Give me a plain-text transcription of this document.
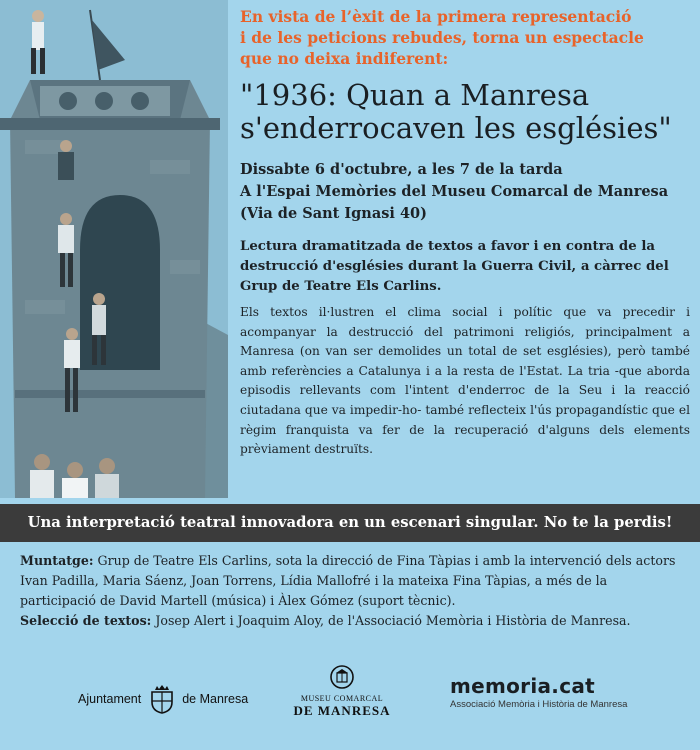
En vista de l’èxit de la primera representació
i de les peticions rebudes, torna un espectacle
que no deixa indiferent:

"1936: Quan a Manresa
s'enderrocaven les esglésies"

Dissabte 6 d'octubre, a les 7 de la tarda
A l'Espai Memòries del Museu Comarcal de Manresa
(Via de Sant Ignasi 40)

Lectura dramatitzada de textos a favor i en contra de la destrucció d'esglésies durant la Guerra Civil, a càrrec del Grup de Teatre Els Carlins.

Els textos il·lustren el clima social i polític que va precedir i acompanyar la destrucció del patrimoni religiós, principalment a Manresa (on van ser demolides un total de set esglésies), però també amb referències a Catalunya i a la resta de l'Estat. La tria -que aborda episodis rellevants com l'intent d'enderroc de la Seu i la reacció ciutadana que va impedir-ho- també reflecteix l'ús propagandístic que el règim franquista va fer de la recuperació d'alguns dels elements prèviament destruïts.

Una interpretació teatral innovadora en un escenari singular. No te la perdis!

Muntatge: Grup de Teatre Els Carlins, sota la direcció de Fina Tàpias i amb la intervenció dels actors Ivan Padilla, Maria Sáenz, Joan Torrens, Lídia Mallofré i la mateixa Fina Tàpias, a més de la participació de David Martell (música) i Àlex Gómez (suport tècnic).

Selecció de textos: Josep Alert i Joaquim Aloy, de l'Associació Memòria i Història de Manresa.

Ajuntament	de Manresa	MUSEU COMARCAL
DE MANRESA
memoria.cat
Associació Memòria i Història de Manresa
